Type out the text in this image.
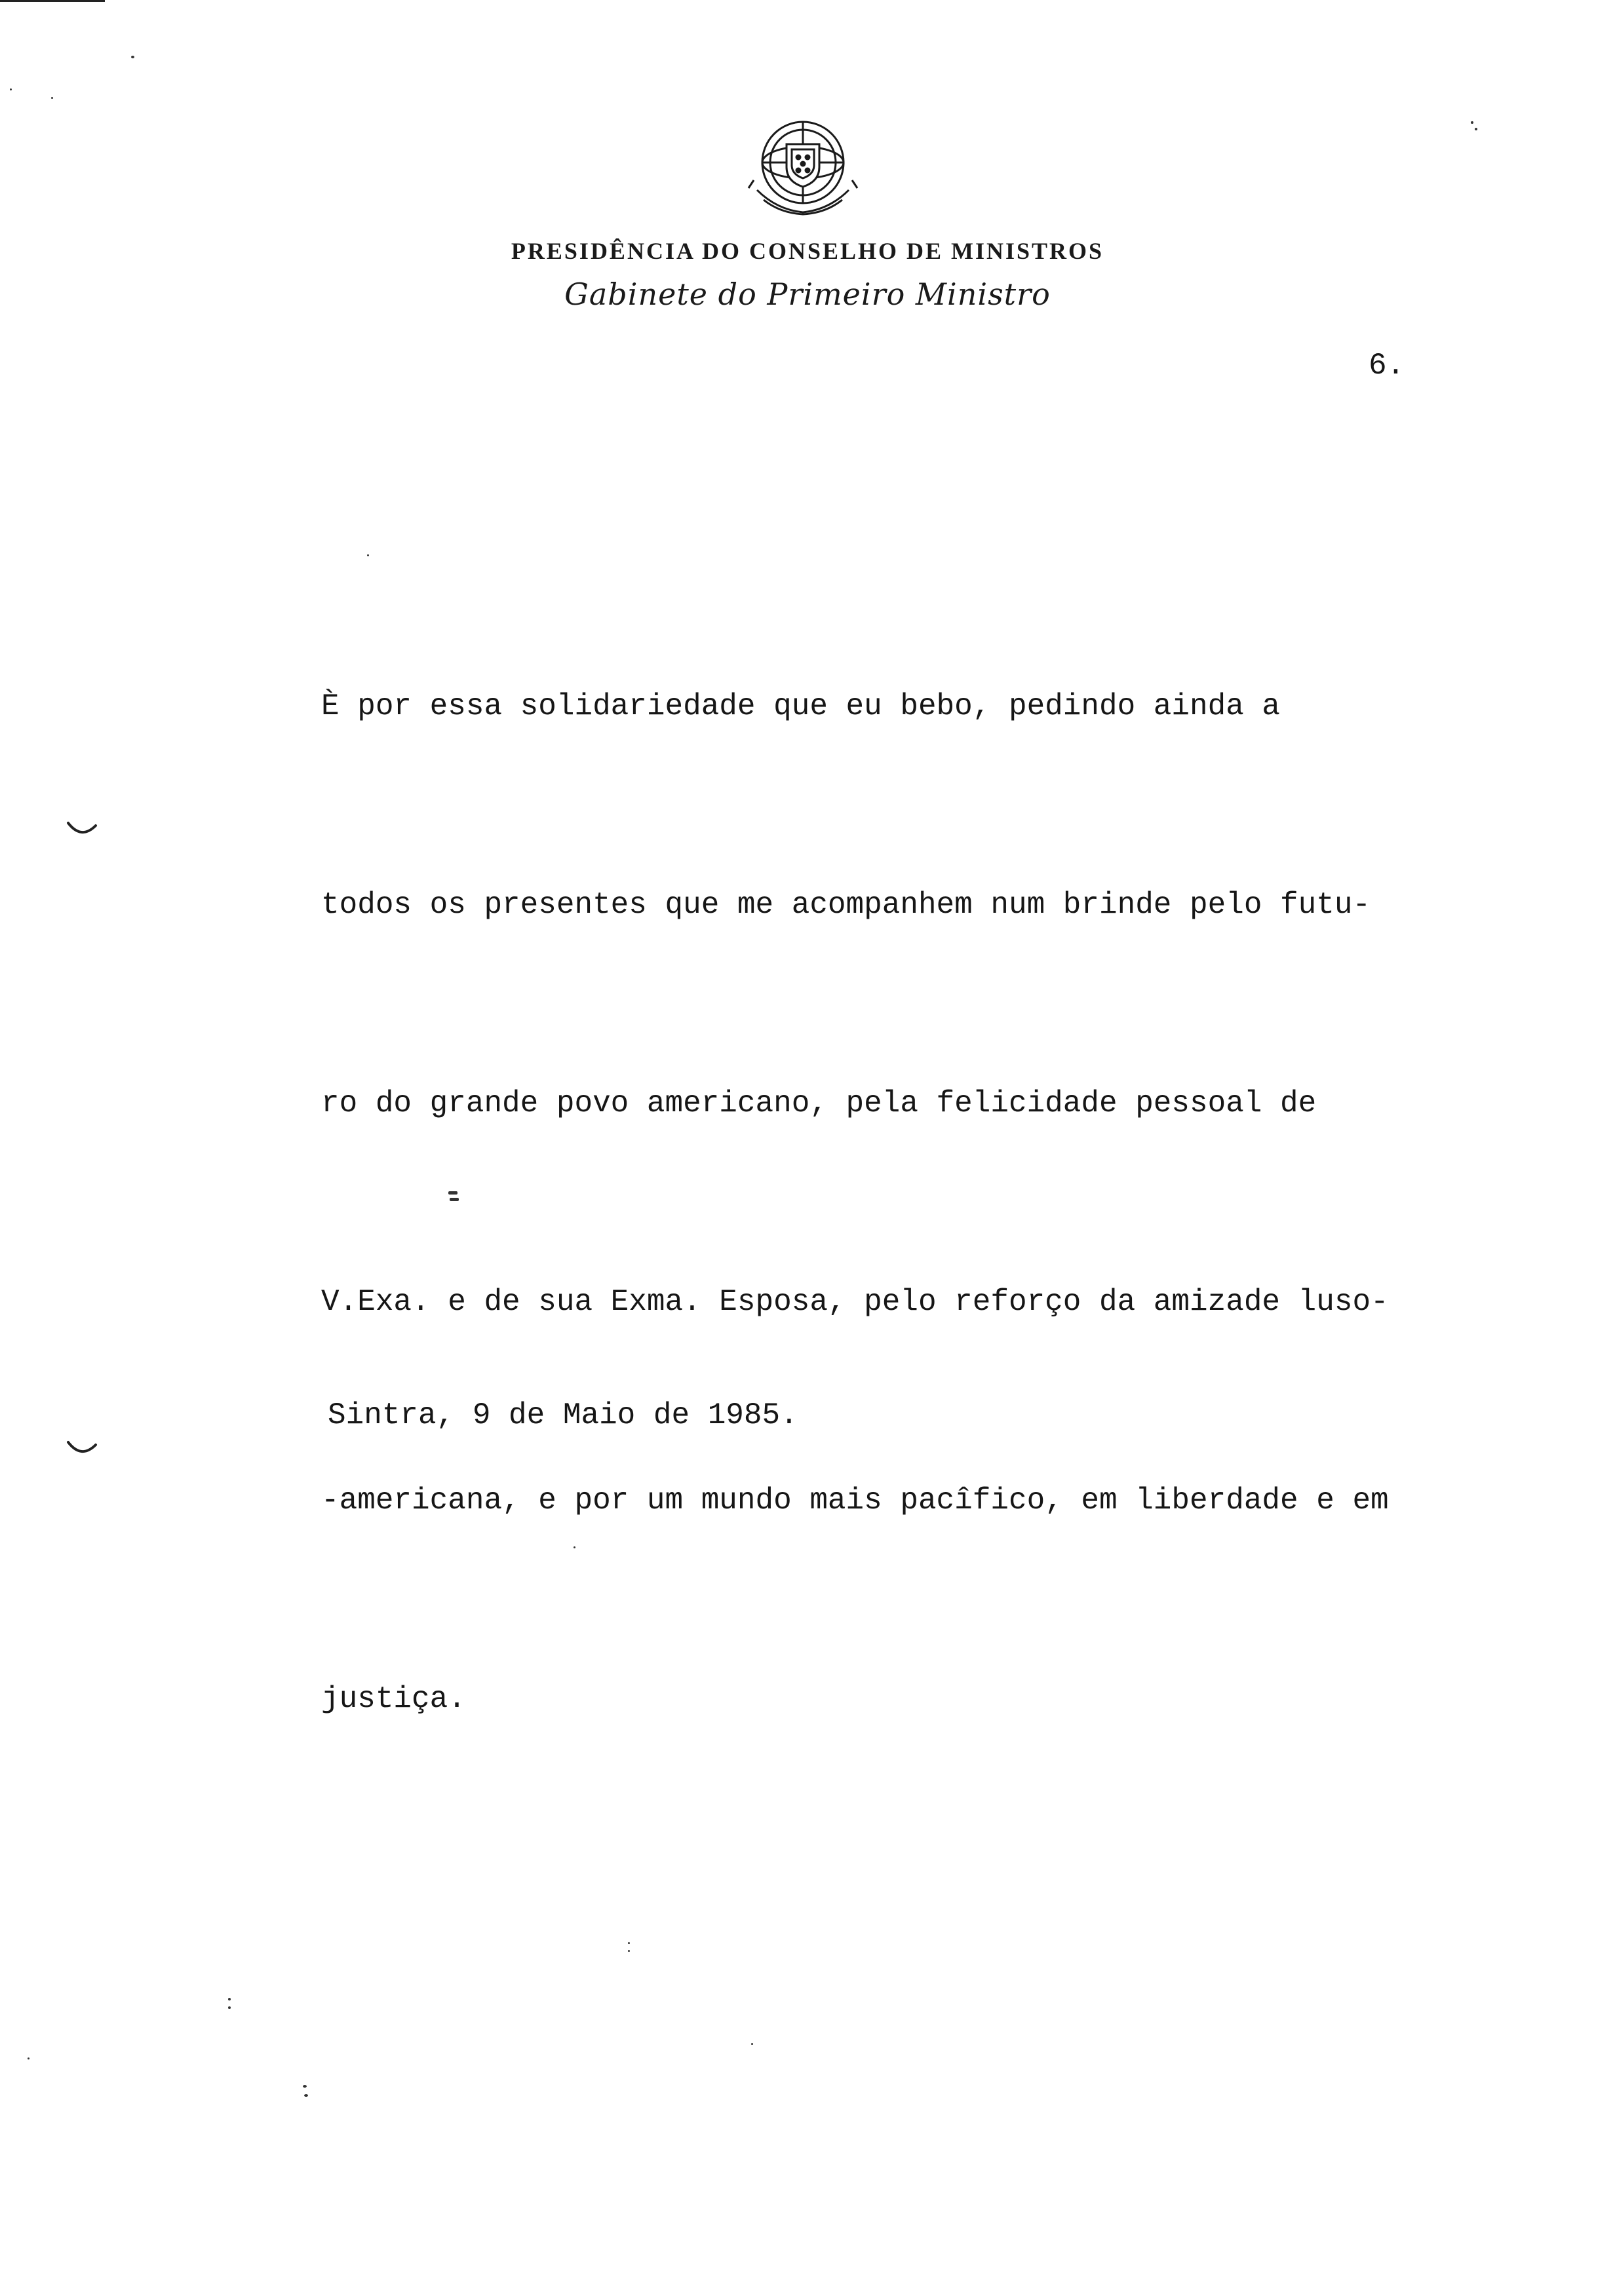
PRESIDÊNCIA DO CONSELHO DE MINISTROS
Gabinete do Primeiro Ministro
6.

È por essa solidariedade que eu bebo, pedindo ainda a

todos os presentes que me acompanhem num brinde pelo futu-

ro do grande povo americano, pela felicidade pessoal de

V.Exa. e de sua Exma. Esposa, pelo reforço da amizade luso-

-americana, e por um mundo mais pacîfico, em liberdade e em

justiça.

Sintra, 9 de Maio de 1985.
